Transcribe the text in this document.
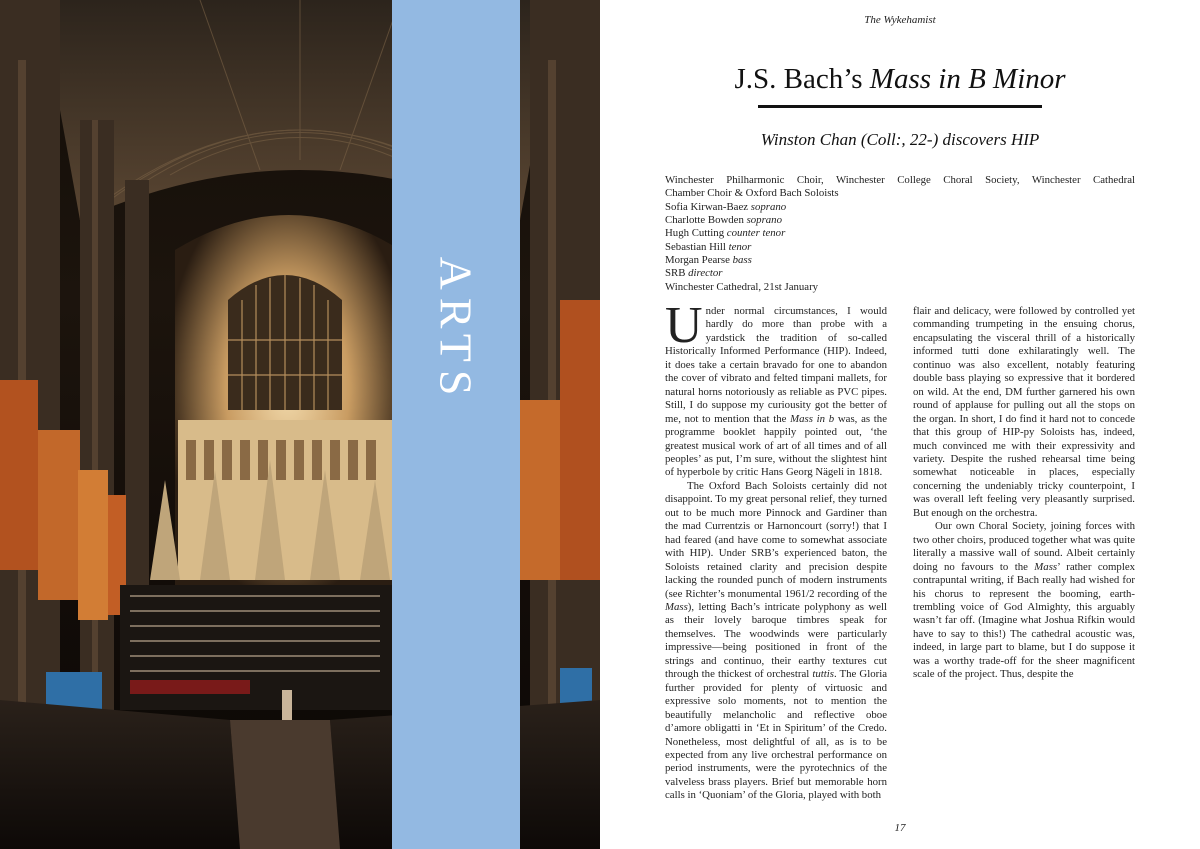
ARTS
The Wykehamist
J.S. Bach’s Mass in B Minor
Winston Chan (Coll:, 22-) discovers HIP
Winchester Philharmonic Choir, Winchester College Choral Society, Winchester Cathedral
Chamber Choir & Oxford Bach Soloists
Sofia Kirwan-Baez soprano
Charlotte Bowden soprano
Hugh Cutting counter tenor
Sebastian Hill tenor
Morgan Pearse bass
SRB director
Winchester Cathedral, 21st January

Under normal circumstances, I would hardly do more than probe with a yardstick the tradition of so-called Historically Informed Performance (HIP). Indeed, it does take a certain bravado for one to abandon the cover of vibrato and felted timpani mallets, for natural horns notoriously as reliable as PVC pipes. Still, I do suppose my curiousity got the better of me, not to mention that the Mass in b was, as the programme booklet happily pointed out, ‘the greatest musical work of art of all times and of all peoples’ as put, I’m sure, without the slightest hint of hyperbole by critic Hans Georg Nägeli in 1818.

The Oxford Bach Soloists certainly did not disappoint. To my great personal relief, they turned out to be much more Pinnock and Gardiner than the mad Currentzis or Harnoncourt (sorry!) that I had feared (and have come to somewhat associate with HIP). Under SRB’s experienced baton, the Soloists retained clarity and precision despite lacking the rounded punch of modern instruments (see Richter’s monumental 1961/2 recording of the Mass), letting Bach’s intricate polyphony as well as their lovely baroque timbres speak for themselves. The woodwinds were particularly impressive—being positioned in front of the strings and continuo, their earthy textures cut through the thickest of orchestral tuttis. The Gloria further provided for plenty of virtuosic and expressive solo moments, not to mention the beautifully melancholic and reflective oboe d’amore obligatti in ‘Et in Spiritum’ of the Credo. Nonetheless, most delightful of all, as is to be expected from any live orchestral performance on period instruments, were the pyrotechnics of the valveless brass players. Brief but memorable horn calls in ‘Quoniam’ of the Gloria, played with both

flair and delicacy, were followed by controlled yet commanding trumpeting in the ensuing chorus, encapsulating the visceral thrill of a historically informed tutti done exhilaratingly well. The continuo was also excellent, notably featuring double bass playing so expressive that it bordered on wild. At the end, DM further garnered his own round of applause for pulling out all the stops on the organ. In short, I do find it hard not to concede that this group of HIP-py Soloists has, indeed, much convinced me with their expressivity and variety. Despite the rushed rehearsal time being somewhat noticeable in places, especially concerning the undeniably tricky counterpoint, I was overall left feeling very pleasantly surprised. But enough on the orchestra.

Our own Choral Society, joining forces with two other choirs, produced together what was quite literally a massive wall of sound. Albeit certainly doing no favours to the Mass’ rather complex contrapuntal writing, if Bach really had wished for his chorus to represent the booming, earth-trembling voice of God Almighty, this arguably wasn’t far off. (Imagine what Joshua Rifkin would have to say to this!) The cathedral acoustic was, indeed, in large part to blame, but I do suppose it was a worthy trade-off for the sheer magnificent scale of the project. Thus, despite the

17
